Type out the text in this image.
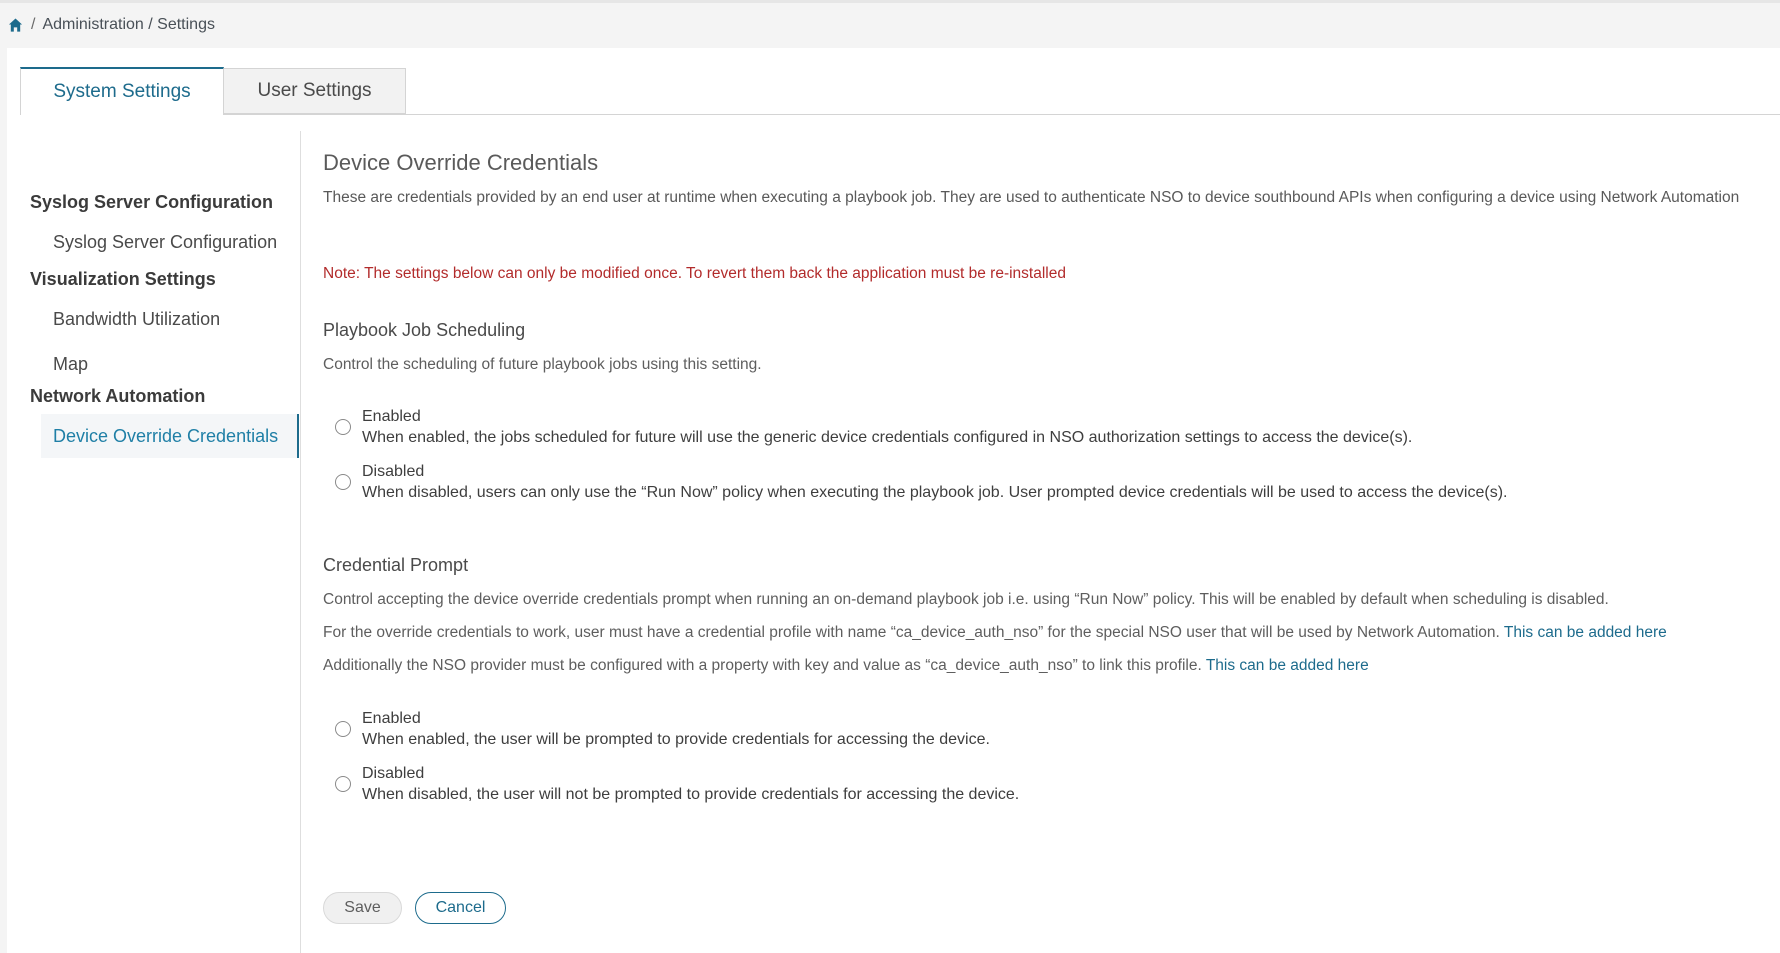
/ Administration / Settings
System Settings	User Settings
Syslog Server Configuration
Syslog Server Configuration
Visualization Settings
Bandwidth Utilization
Map
Network Automation
Device Override Credentials
Device Override Credentials
These are credentials provided by an end user at runtime when executing a playbook job. They are used to authenticate NSO to device southbound APIs when configuring a device using Network Automation
Note: The settings below can only be modified once. To revert them back the application must be re-installed
Playbook Job Scheduling
Control the scheduling of future playbook jobs using this setting.
Enabled
When enabled, the jobs scheduled for future will use the generic device credentials configured in NSO authorization settings to access the device(s).
Disabled
When disabled, users can only use the “Run Now” policy when executing the playbook job. User prompted device credentials will be used to access the device(s).
Credential Prompt
Control accepting the device override credentials prompt when running an on-demand playbook job i.e. using “Run Now” policy. This will be enabled by default when scheduling is disabled.
For the override credentials to work, user must have a credential profile with name “ca_device_auth_nso” for the special NSO user that will be used by Network Automation. This can be added here
Additionally the NSO provider must be configured with a property with key and value as “ca_device_auth_nso” to link this profile. This can be added here
Enabled
When enabled, the user will be prompted to provide credentials for accessing the device.
Disabled
When disabled, the user will not be prompted to provide credentials for accessing the device.
Save	Cancel
